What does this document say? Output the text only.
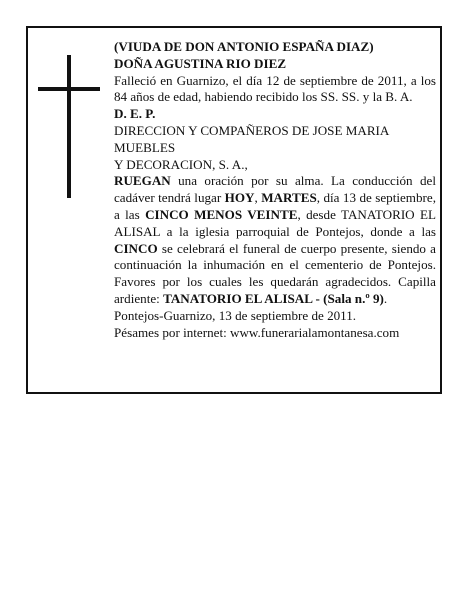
(VIUDA DE DON ANTONIO ESPAÑA DIAZ)

DOÑA AGUSTINA RIO DIEZ

Falleció en Guarnizo, el día 12 de septiembre de 2011, a los 84 años de edad, habiendo recibido los SS. SS. y la B. A.

D. E. P.

DIRECCION Y COMPAÑEROS DE JOSE MARIA MUEBLES

Y DECORACION, S. A.,

RUEGAN una oración por su alma. La conducción del cadáver tendrá lugar HOY, MARTES, día 13 de septiembre, a las CINCO MENOS VEINTE, desde TANATORIO EL ALISAL a la iglesia parroquial de Pontejos, donde a las CINCO se celebrará el funeral de cuerpo presente, siendo a continuación la inhumación en el cementerio de Pontejos. Favores por los cuales les quedarán agradecidos. Capilla ardiente: TANATORIO EL ALISAL - (Sala n.º 9).

Pontejos-Guarnizo, 13 de septiembre de 2011.

Pésames por internet: www.funerarialamontanesa.com
